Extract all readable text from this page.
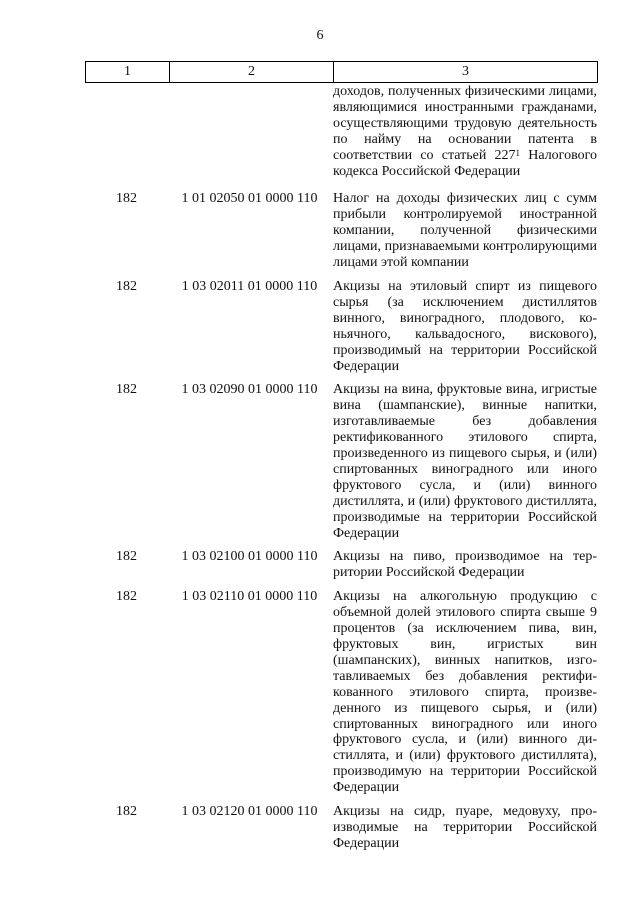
6
1	2	3
доходов, полученных физическими лицами, являющимися иностранными гражданами, осуществляющими трудовую деятельность по найму на основании патента в соответствии со статьей $227^1$ Налогового кодекса Российской Федерации
182	1 01 02050 01 0000 110	Налог на доходы физических лиц с сумм прибыли контролируемой иностранной компании, полученной физическими лицами, признаваемыми контролирующими лицами этой компании
182	1 03 02011 01 0000 110	Акцизы на этиловый спирт из пищевого сырья (за исключением дистиллятов винного, виноградного, плодового, коньячного, кальвадосного, вискового), производимый на территории Российской Федерации
182	1 03 02090 01 0000 110	Акцизы на вина, фруктовые вина, игристые вина (шампанские), винные напитки, изготавливаемые без добавления ректификованного этилового спирта, произведенного из пищевого сырья, и (или) спиртованных виноградного или иного фруктового сусла, и (или) винного дистиллята, и (или) фруктового дистиллята, производимые на территории Российской Федерации
182	1 03 02100 01 0000 110	Акцизы на пиво, производимое на территории Российской Федерации
182	1 03 02110 01 0000 110	Акцизы на алкогольную продукцию с объемной долей этилового спирта свыше 9 процентов (за исключением пива, вин, фруктовых вин, игристых вин (шампанских), винных напитков, изготавливаемых без добавления ректификованного этилового спирта, произведенного из пищевого сырья, и (или) спиртованных виноградного или иного фруктового сусла, и (или) винного дистиллята, и (или) фруктового дистиллята), производимую на территории Российской Федерации
182	1 03 02120 01 0000 110	Акцизы на сидр, пуаре, медовуху, производимые на территории Российской Федерации
